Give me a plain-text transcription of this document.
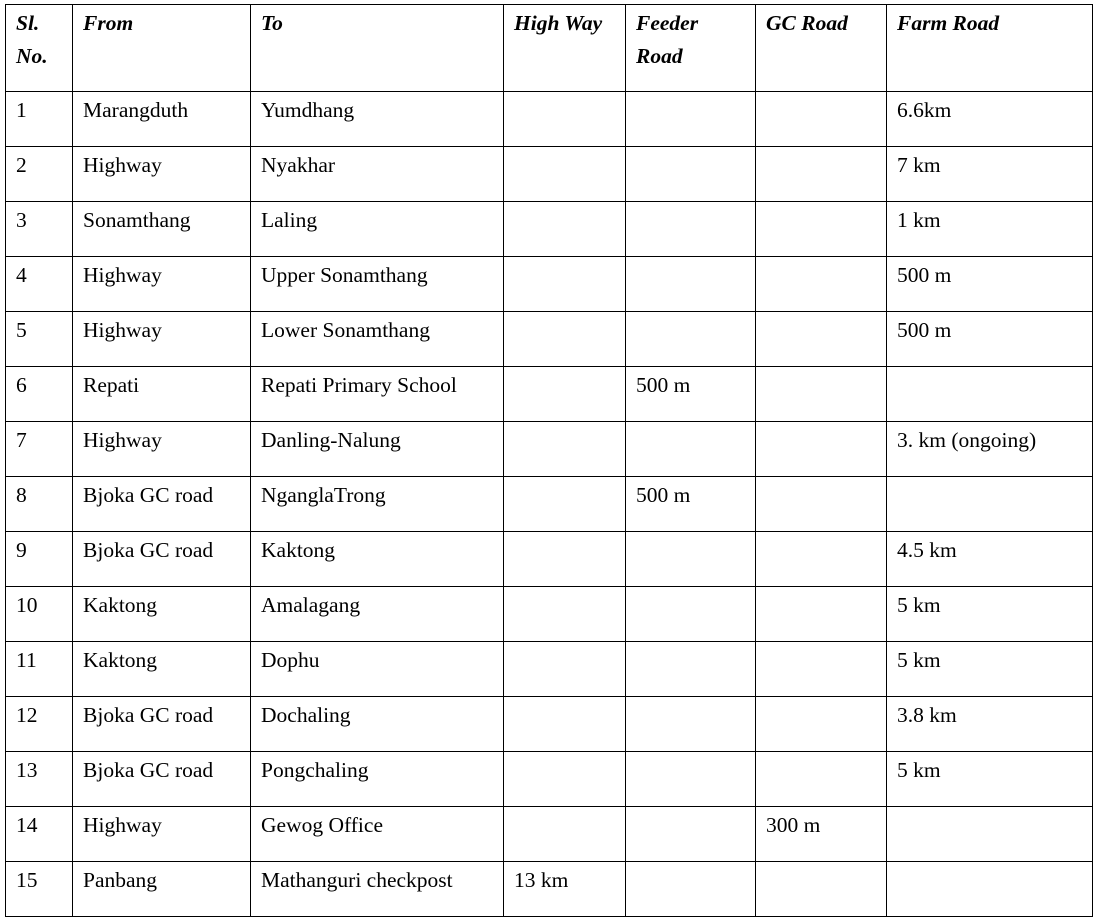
Sl. No.	From	To	High Way	Feeder Road	GC Road	Farm Road
1	Marangduth	Yumdhang				6.6km
2	Highway	Nyakhar				7 km
3	Sonamthang	Laling				1 km
4	Highway	Upper Sonamthang				500 m
5	Highway	Lower Sonamthang				500 m
6	Repati	Repati Primary School		500 m		
7	Highway	Danling-Nalung				3. km (ongoing)
8	Bjoka GC road	NganglaTrong		500 m		
9	Bjoka GC road	Kaktong				4.5 km
10	Kaktong	Amalagang				5 km
11	Kaktong	Dophu				5 km
12	Bjoka GC road	Dochaling				3.8 km
13	Bjoka GC road	Pongchaling				5 km
14	Highway	Gewog Office			300 m	
15	Panbang	Mathanguri checkpost	13 km			
